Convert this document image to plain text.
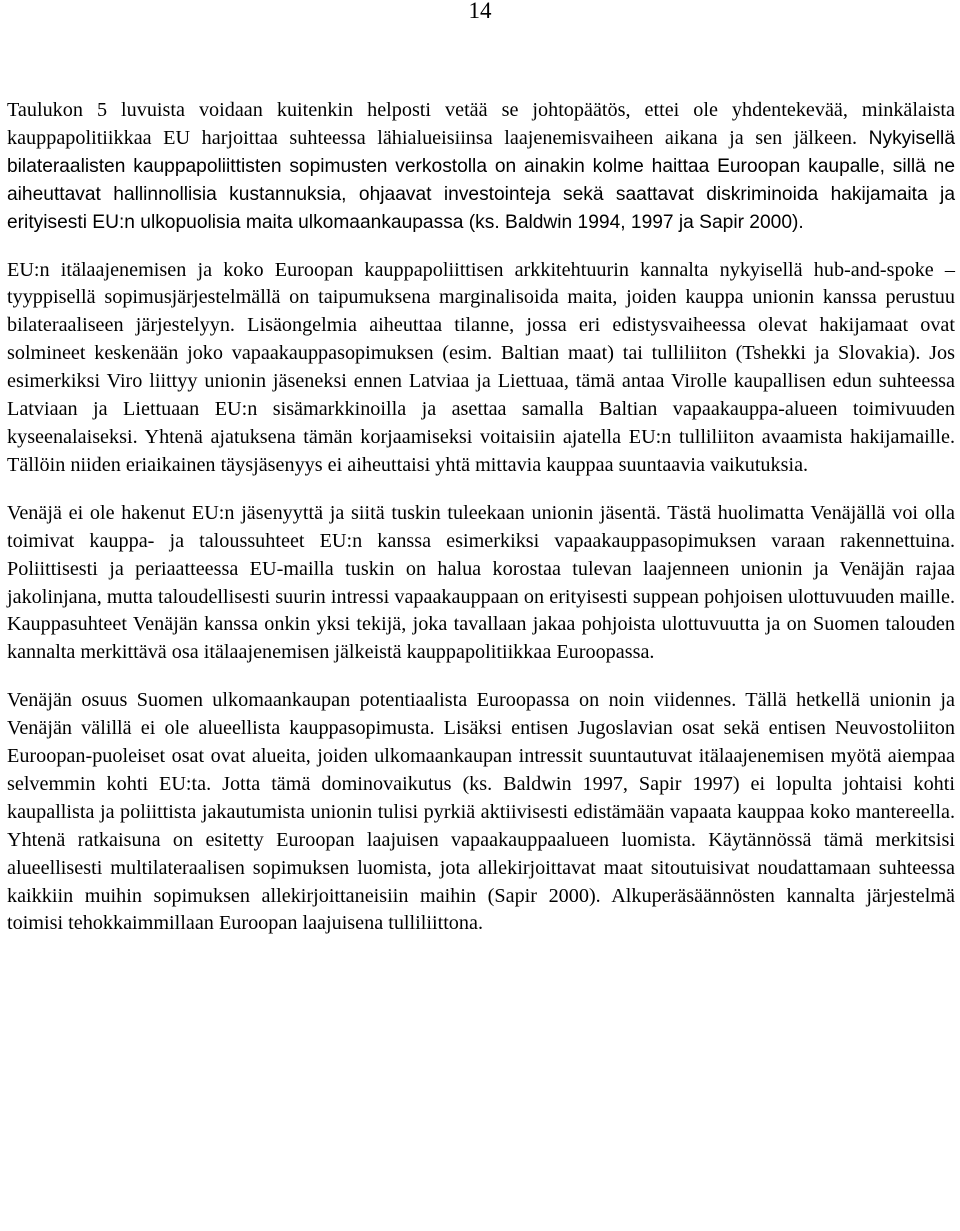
14

Taulukon 5 luvuista voidaan kuitenkin helposti vetää se johtopäätös, ettei ole yhdentekevää, minkälaista kauppapolitiikkaa EU harjoittaa suhteessa lähialueisiinsa laajenemisvaiheen aikana ja sen jälkeen. Nykyisellä bilateraalisten kauppapoliittisten sopimusten verkostolla on ainakin kolme haittaa Euroopan kaupalle, sillä ne aiheuttavat hallinnollisia kustannuksia, ohjaavat investointeja sekä saattavat diskriminoida hakijamaita ja erityisesti EU:n ulkopuolisia maita ulkomaankaupassa (ks. Baldwin 1994, 1997 ja Sapir 2000).

EU:n itälaajenemisen ja koko Euroopan kauppapoliittisen arkkitehtuurin kannalta nykyisellä hub-and-spoke –tyyppisellä sopimusjärjestelmällä on taipumuksena marginalisoida maita, joiden kauppa unionin kanssa perustuu bilateraaliseen järjestelyyn. Lisäongelmia aiheuttaa tilanne, jossa eri edistysvaiheessa olevat hakijamaat ovat solmineet keskenään joko vapaakauppasopimuksen (esim. Baltian maat) tai tulliliiton (Tshekki ja Slovakia). Jos esimerkiksi Viro liittyy unionin jäseneksi ennen Latviaa ja Liettuaa, tämä antaa Virolle kaupallisen edun suhteessa Latviaan ja Liettuaan EU:n sisämarkkinoilla ja asettaa samalla Baltian vapaakauppa-alueen toimivuuden kyseenalaiseksi. Yhtenä ajatuksena tämän korjaamiseksi voitaisiin ajatella EU:n tulliliiton avaamista hakijamaille. Tällöin niiden eriaikainen täysjäsenyys ei aiheuttaisi yhtä mittavia kauppaa suuntaavia vaikutuksia.

Venäjä ei ole hakenut EU:n jäsenyyttä ja siitä tuskin tuleekaan unionin jäsentä. Tästä huolimatta Venäjällä voi olla toimivat kauppa- ja taloussuhteet EU:n kanssa esimerkiksi vapaakauppasopimuksen varaan rakennettuina. Poliittisesti ja periaatteessa EU-mailla tuskin on halua korostaa tulevan laajenneen unionin ja Venäjän rajaa jakolinjana, mutta taloudellisesti suurin intressi vapaakauppaan on erityisesti suppean pohjoisen ulottuvuuden maille. Kauppasuhteet Venäjän kanssa onkin yksi tekijä, joka tavallaan jakaa pohjoista ulottuvuutta ja on Suomen talouden kannalta merkittävä osa itälaajenemisen jälkeistä kauppapolitiikkaa Euroopassa.

Venäjän osuus Suomen ulkomaankaupan potentiaalista Euroopassa on noin viidennes. Tällä hetkellä unionin ja Venäjän välillä ei ole alueellista kauppasopimusta. Lisäksi entisen Jugoslavian osat sekä entisen Neuvostoliiton Euroopan-puoleiset osat ovat alueita, joiden ulkomaankaupan intressit suuntautuvat itälaajenemisen myötä aiempaa selvemmin kohti EU:ta. Jotta tämä dominovaikutus (ks. Baldwin 1997, Sapir 1997) ei lopulta johtaisi kohti kaupallista ja poliittista jakautumista unionin tulisi pyrkiä aktiivisesti edistämään vapaata kauppaa koko mantereella. Yhtenä ratkaisuna on esitetty Euroopan laajuisen vapaakauppaalueen luomista. Käytännössä tämä merkitsisi alueellisesti multilateraalisen sopimuksen luomista, jota allekirjoittavat maat sitoutuisivat noudattamaan suhteessa kaikkiin muihin sopimuksen allekirjoittaneisiin maihin (Sapir 2000). Alkuperäsäännösten kannalta järjestelmä toimisi tehokkaimmillaan Euroopan laajuisena tulliliittona.
